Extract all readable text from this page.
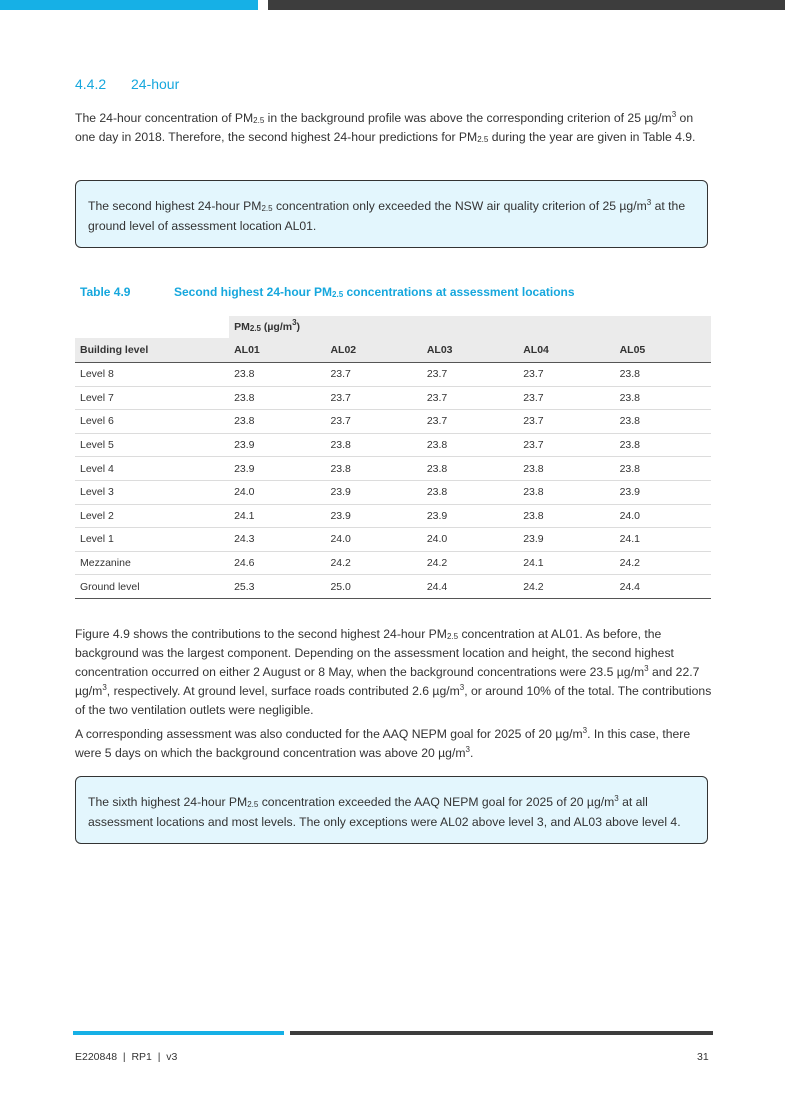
4.4.2 24-hour

The 24-hour concentration of $PM_{2.5}$ in the background profile was above the corresponding criterion of 25 $\mu g/m^3$ on one day in 2018. Therefore, the second highest 24-hour predictions for $PM_{2.5}$ during the year are given in Table 4.9.

The second highest 24-hour $PM_{2.5}$ concentration only exceeded the NSW air quality criterion of 25 $\mu g/m^3$ at the ground level of assessment location AL01.
Table 4.9	Second highest 24-hour $PM_{2.5}$ concentrations at assessment locations
	$PM_{2.5}$ $(\mu g/m^3)$				
Building level	AL01	AL02	AL03	AL04	AL05
Level 8	23.8	23.7	23.7	23.7	23.8
Level 7	23.8	23.7	23.7	23.7	23.8
Level 6	23.8	23.7	23.7	23.7	23.8
Level 5	23.9	23.8	23.8	23.7	23.8
Level 4	23.9	23.8	23.8	23.8	23.8
Level 3	24.0	23.9	23.8	23.8	23.9
Level 2	24.1	23.9	23.9	23.8	24.0
Level 1	24.3	24.0	24.0	23.9	24.1
Mezzanine	24.6	24.2	24.2	24.1	24.2
Ground level	25.3	25.0	24.4	24.2	24.4

Figure 4.9 shows the contributions to the second highest 24-hour $PM_{2.5}$ concentration at AL01. As before, the background was the largest component. Depending on the assessment location and height, the second highest concentration occurred on either 2 August or 8 May, when the background concentrations were 23.5 $\mu g/m^3$ and 22.7 $\mu g/m^3$, respectively. At ground level, surface roads contributed 2.6 $\mu g/m^3$, or around 10% of the total. The contributions of the two ventilation outlets were negligible.

A corresponding assessment was also conducted for the AAQ NEPM goal for 2025 of 20 $\mu g/m^3$. In this case, there were 5 days on which the background concentration was above 20 $\mu g/m^3$.

The sixth highest 24-hour $PM_{2.5}$ concentration exceeded the AAQ NEPM goal for 2025 of 20 $\mu g/m^3$ at all assessment locations and most levels. The only exceptions were AL02 above level 3, and AL03 above level 4.
E220848  |  RP1  |  v3	31
